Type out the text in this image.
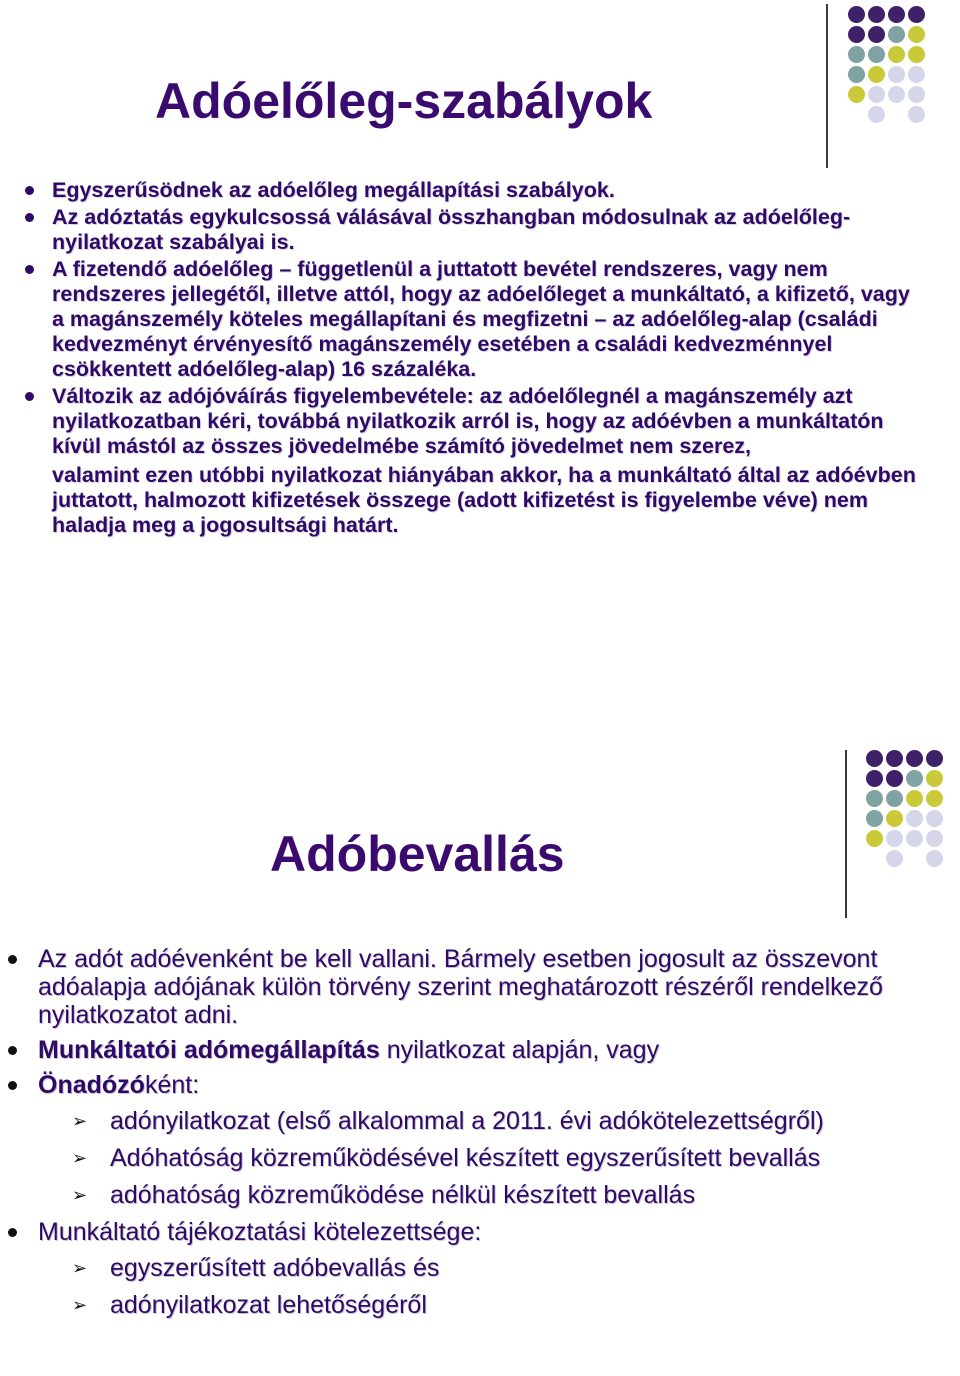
Adóelőleg-szabályok
Egyszerűsödnek az adóelőleg megállapítási szabályok.
Az adóztatás egykulcsossá válásával összhangban módosulnak az adóelőleg-nyilatkozat szabályai is.
A fizetendő adóelőleg – függetlenül a juttatott bevétel rendszeres, vagy nem rendszeres jellegétől, illetve attól, hogy az adóelőleget a munkáltató, a kifizető, vagy a magánszemély köteles megállapítani és megfizetni – az adóelőleg-alap (családi kedvezményt érvényesítő magánszemély esetében a családi kedvezménnyel csökkentett adóelőleg-alap) 16 százaléka.
Változik az adójóváírás figyelembevétele: az adóelőlegnél a magánszemély azt nyilatkozatban kéri, továbbá nyilatkozik arról is, hogy az adóévben a munkáltatón kívül mástól az összes jövedelmébe számító jövedelmet nem szerez,
valamint ezen utóbbi nyilatkozat hiányában akkor, ha a munkáltató által az adóévben juttatott, halmozott kifizetések összege (adott kifizetést is figyelembe véve) nem haladja meg a jogosultsági határt.
Adóbevallás
Az adót adóévenként be kell vallani. Bármely esetben jogosult az összevont adóalapja adójának külön törvény szerint meghatározott részéről rendelkező nyilatkozatot adni.
Munkáltatói adómegállapítás nyilatkozat alapján, vagy
Önadózóként:
➢ adónyilatkozat (első alkalommal a 2011. évi adókötelezettségről)
➢ Adóhatóság közreműködésével készített egyszerűsített bevallás
➢ adóhatóság közreműködése nélkül készített bevallás
Munkáltató tájékoztatási kötelezettsége:
➢ egyszerűsített adóbevallás és
➢ adónyilatkozat lehetőségéről
